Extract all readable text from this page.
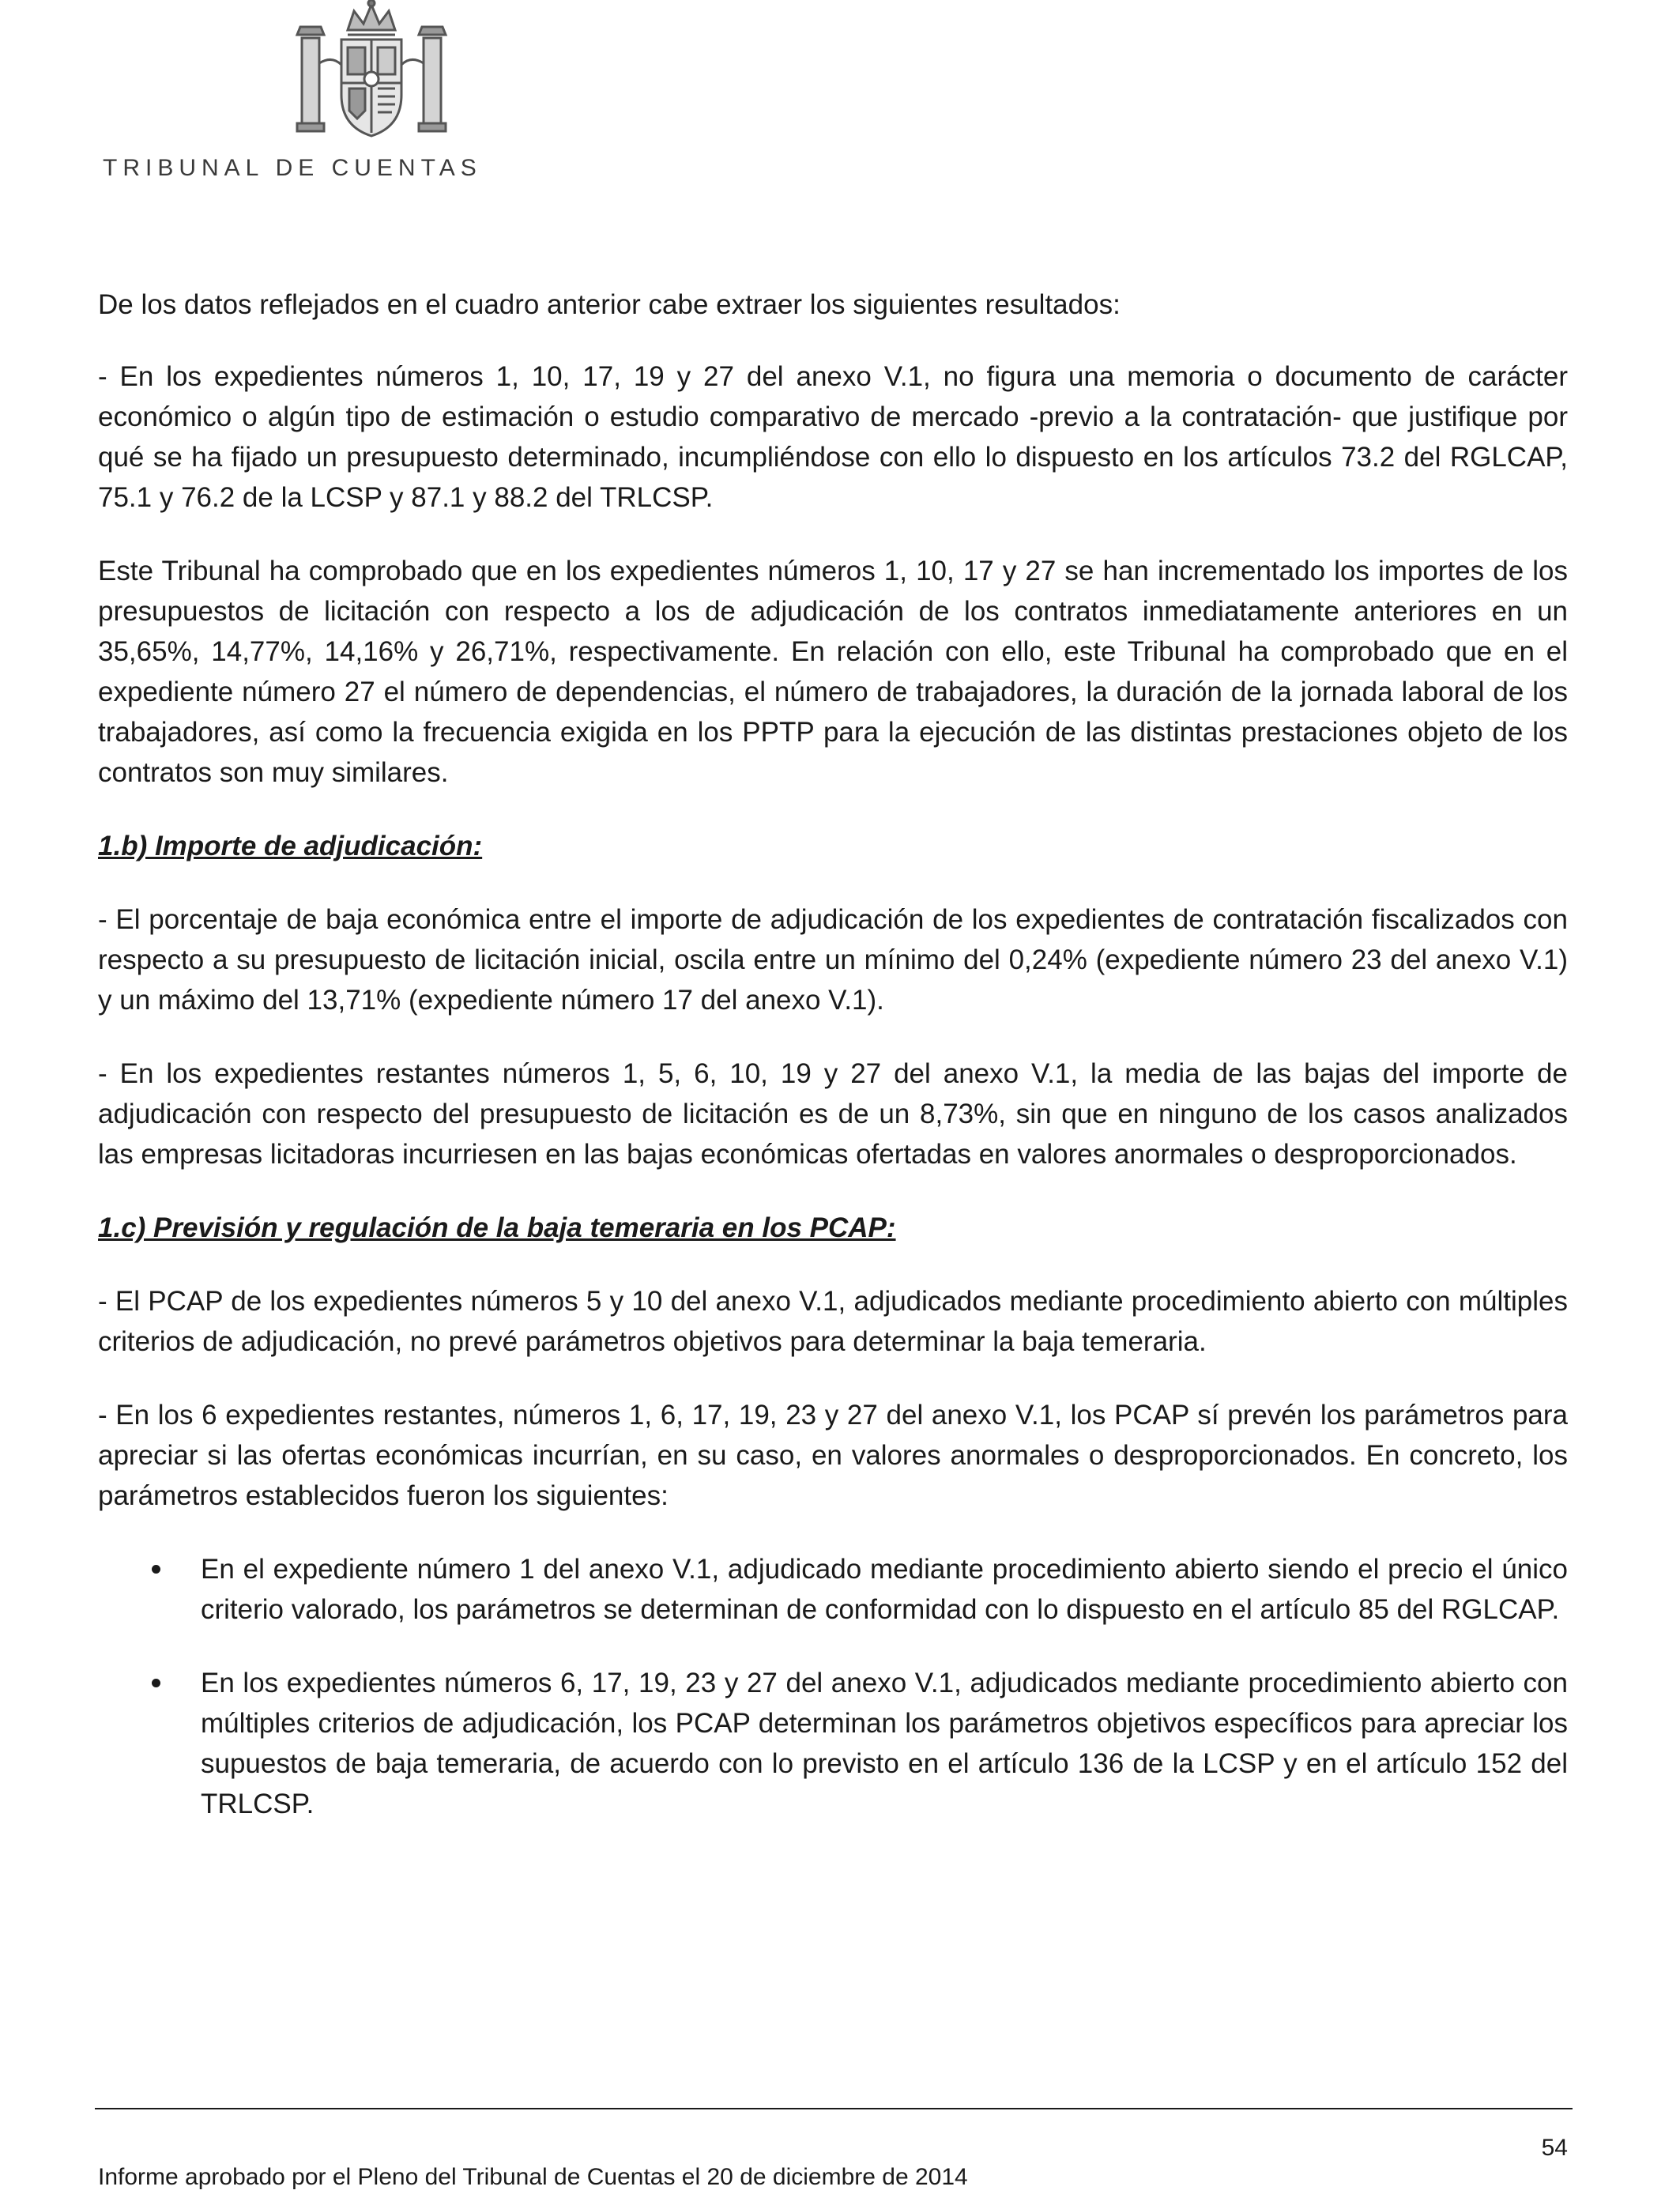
TRIBUNAL DE CUENTAS

De los datos reflejados en el cuadro anterior cabe extraer los siguientes resultados:

- En los expedientes números 1, 10, 17, 19 y 27 del anexo V.1, no figura una memoria o documento de carácter económico o algún tipo de estimación o estudio comparativo de mercado -previo a la contratación- que justifique por qué se ha fijado un presupuesto determinado, incumpliéndose con ello lo dispuesto en los artículos 73.2 del RGLCAP, 75.1 y 76.2 de la LCSP y 87.1 y 88.2 del TRLCSP.

Este Tribunal ha comprobado que en los expedientes números 1, 10, 17 y 27 se han incrementado los importes de los presupuestos de licitación con respecto a los de adjudicación de los contratos inmediatamente anteriores en un 35,65%, 14,77%, 14,16% y 26,71%, respectivamente. En relación con ello, este Tribunal ha comprobado que en el expediente número 27 el número de dependencias, el número de trabajadores, la duración de la jornada laboral de los trabajadores, así como la frecuencia exigida en los PPTP para la ejecución de las distintas prestaciones objeto de los contratos son muy similares.

1.b) Importe de adjudicación:

- El porcentaje de baja económica entre el importe de adjudicación de los expedientes de contratación fiscalizados con respecto a su presupuesto de licitación inicial, oscila entre un mínimo del 0,24% (expediente número 23 del anexo V.1) y un máximo del 13,71% (expediente número 17 del anexo V.1).

- En los expedientes restantes números 1, 5, 6, 10, 19 y 27 del anexo V.1, la media de las bajas del importe de adjudicación con respecto del presupuesto de licitación es de un 8,73%, sin que en ninguno de los casos analizados las empresas licitadoras incurriesen en las bajas económicas ofertadas en valores anormales o desproporcionados.

1.c) Previsión y regulación de la baja temeraria en los PCAP:

- El PCAP de los expedientes números 5 y 10 del anexo V.1, adjudicados mediante procedimiento abierto con múltiples criterios de adjudicación, no prevé parámetros objetivos para determinar la baja temeraria.

- En los 6 expedientes restantes, números 1, 6, 17, 19, 23 y 27 del anexo V.1, los PCAP sí prevén los parámetros para apreciar si las ofertas económicas incurrían, en su caso, en valores anormales o desproporcionados. En concreto, los parámetros establecidos fueron los siguientes:

En el expediente número 1 del anexo V.1, adjudicado mediante procedimiento abierto siendo el precio el único criterio valorado, los parámetros se determinan de conformidad con lo dispuesto en el artículo 85 del RGLCAP.
En los expedientes números 6, 17, 19, 23 y 27 del anexo V.1, adjudicados mediante procedimiento abierto con múltiples criterios de adjudicación, los PCAP determinan los parámetros objetivos específicos para apreciar los supuestos de baja temeraria, de acuerdo con lo previsto en el artículo 136 de la LCSP y en el artículo 152 del TRLCSP.
54
Informe aprobado por el Pleno del Tribunal de Cuentas el 20 de diciembre de 2014
